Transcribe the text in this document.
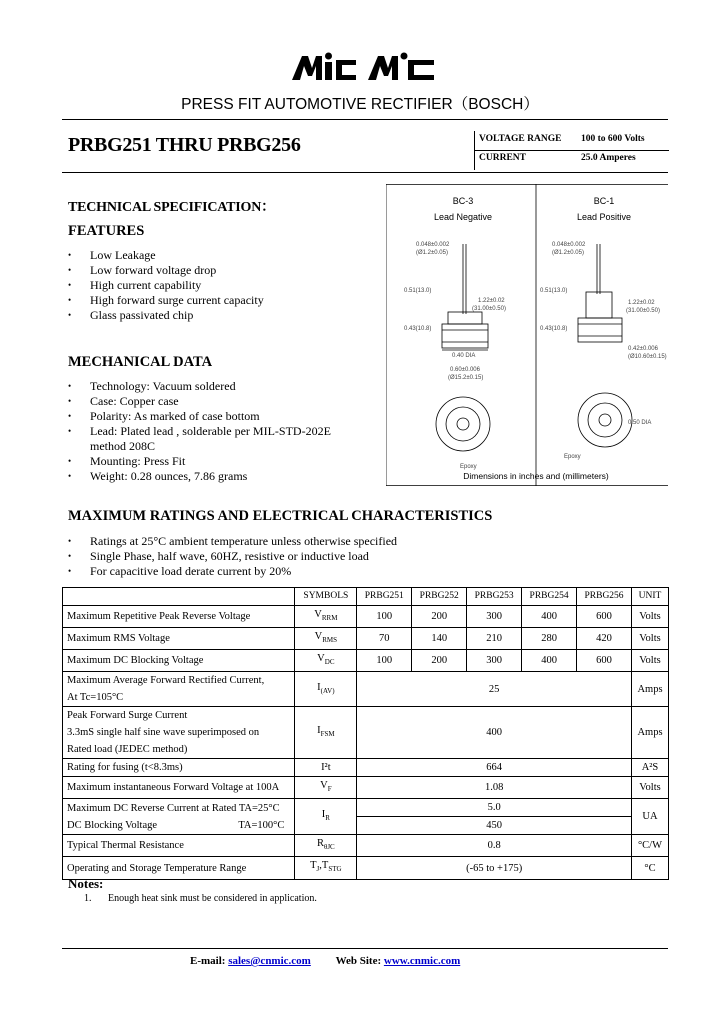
PRESS FIT AUTOMOTIVE RECTIFIER（BOSCH）
PRBG251 THRU PRBG256	VOLTAGE RANGE 100 to 600 Volts
CURRENT	25.0 Amperes
TECHNICAL SPECIFICATION：
FEATURES
• Low Leakage
• Low forward voltage drop
• High current capability
• High forward surge current capacity
• Glass passivated chip
MECHANICAL DATA
• Technology: Vacuum soldered
• Case: Copper case
• Polarity: As marked of case bottom
• Lead: Plated lead , solderable per MIL-STD-202E
method 208C
• Mounting: Press Fit
• Weight: 0.28 ounces, 7.86 grams
BC-3
Lead Negative
BC-1
Lead Positive
0.048±0.002
(Ø1.2±0.05)
0.51(13.0)
1.22±0.02
(31.00±0.50)
0.43(10.8)
0.40 DIA
0.60±0.006
(Ø15.2±0.15)
0.048±0.002
(Ø1.2±0.05)
0.51(13.0)
1.22±0.02
(31.00±0.50)
0.43(10.8)
0.42±0.006
(Ø10.60±0.15)
0.50 DIA
Epoxy
Epoxy
Dimensions in inches and (millimeters)
MAXIMUM RATINGS AND ELECTRICAL CHARACTERISTICS
• Ratings at 25°C ambient temperature unless otherwise specified
• Single Phase, half wave, 60HZ, resistive or inductive load
• For capacitive load derate current by 20%
	SYMBOLS	PRBG251	PRBG252	PRBG253	PRBG254	PRBG256	UNIT
Maximum Repetitive Peak Reverse Voltage	$V_{RRM}$	100	200	300	400	600	Volts
Maximum RMS Voltage	$V_{RMS}$	70	140	210	280	420	Volts
Maximum DC Blocking Voltage	$V_{DC}$	100	200	300	400	600	Volts

Maximum Average Forward Rectified Current,
At Tc=105°C	$I_{(AV)}$	25					Amps

Peak Forward Surge Current
3.3mS single half sine wave superimposed on
Rated load (JEDEC method)	$I_{FSM}$	400					Amps
Rating for fusing (t<8.3ms)	I²t	664					A²S
Maximum instantaneous Forward Voltage at 100A	$V_F$	1.08					Volts

Maximum DC Reverse Current at Rated TA=25°C
DC Blocking Voltage TA=100°C	$I_R$	5.0					UA
		450					
Typical Thermal Resistance	$R_{\theta JC}$	0.8					°C/W
Operating and Storage Temperature Range	$T_J,T_{STG}$	(-65 to +175)					°C
Notes:
1. Enough heat sink must be considered in application.
E-mail: sales@cnmic.com Web Site: www.cnmic.com
